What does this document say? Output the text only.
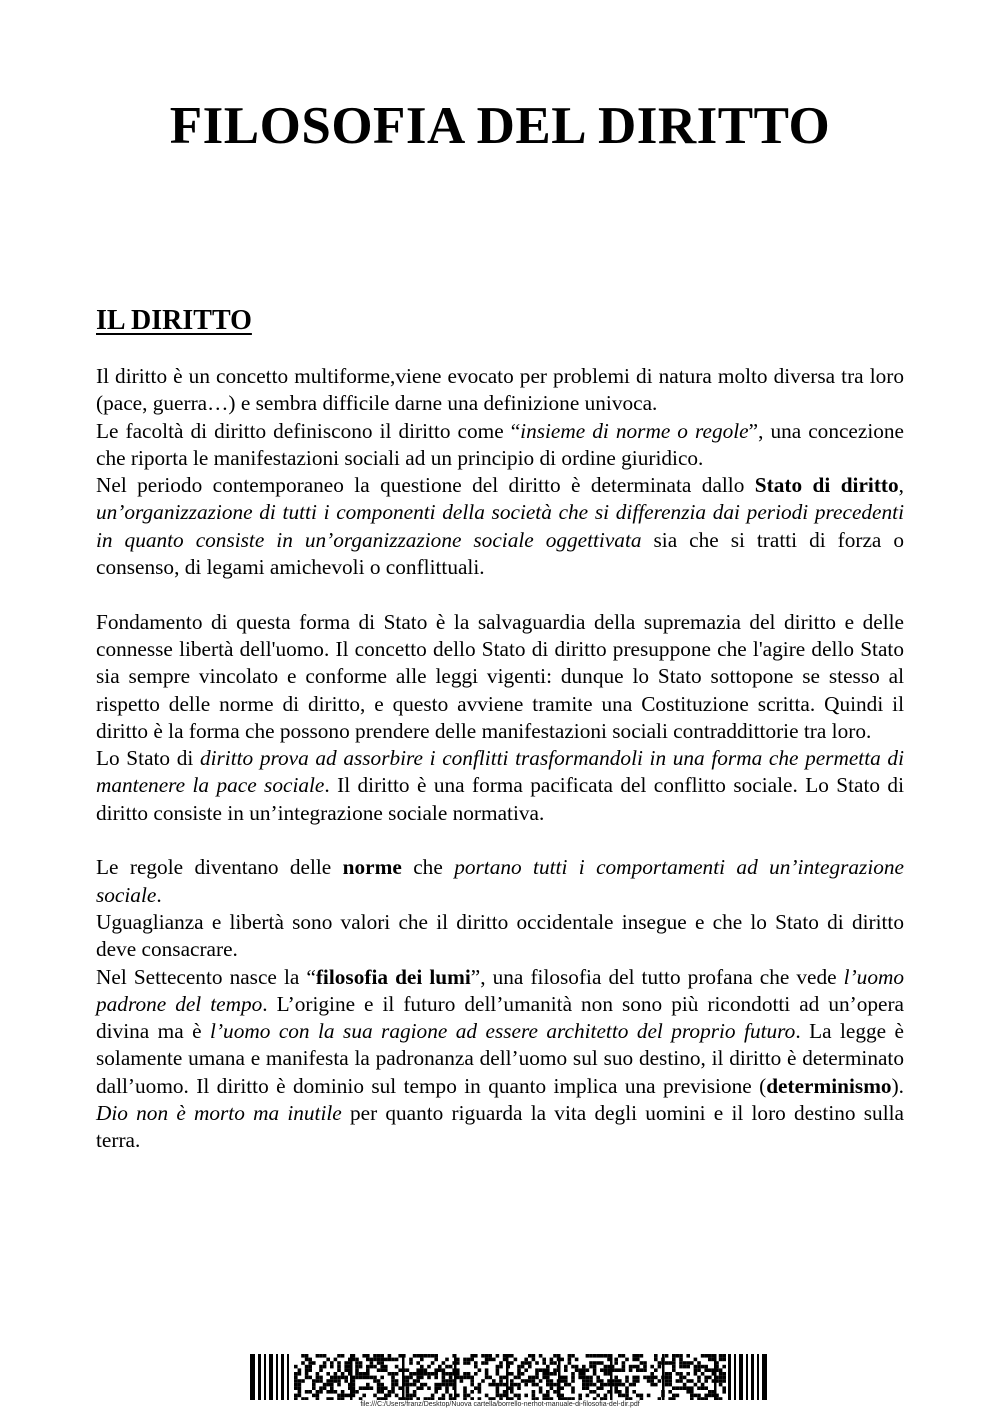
FILOSOFIA DEL DIRITTO
IL DIRITTO

Il diritto è un concetto multiforme,viene evocato per problemi di natura molto diversa tra loro (pace, guerra…) e sembra difficile darne una definizione univoca.

Le facoltà di diritto definiscono il diritto come “insieme di norme o regole”, una concezione che riporta le manifestazioni sociali ad un principio di ordine giuridico.

Nel periodo contemporaneo la questione del diritto è determinata dallo Stato di diritto, un’organizzazione di tutti i componenti della società che si differenzia dai periodi precedenti in quanto consiste in un’organizzazione sociale oggettivata sia che si tratti di forza o consenso, di legami amichevoli o conflittuali.

Fondamento di questa forma di Stato è la salvaguardia della supremazia del diritto e delle connesse libertà dell'uomo. Il concetto dello Stato di diritto presuppone che l'agire dello Stato sia sempre vincolato e conforme alle leggi vigenti: dunque lo Stato sottopone se stesso al rispetto delle norme di diritto, e questo avviene tramite una Costituzione scritta. Quindi il diritto è la forma che possono prendere delle manifestazioni sociali contraddittorie tra loro.

Lo Stato di diritto prova ad assorbire i conflitti trasformandoli in una forma che permetta di mantenere la pace sociale. Il diritto è una forma pacificata del conflitto sociale. Lo Stato di diritto consiste in un’integrazione sociale normativa.

Le regole diventano delle norme che portano tutti i comportamenti ad un’integrazione sociale.

Uguaglianza e libertà sono valori che il diritto occidentale insegue e che lo Stato di diritto deve consacrare.

Nel Settecento nasce la “filosofia dei lumi”, una filosofia del tutto profana che vede l’uomo padrone del tempo. L’origine e il futuro dell’umanità non sono più ricondotti ad un’opera divina ma è l’uomo con la sua ragione ad essere architetto del proprio futuro. La legge è solamente umana e manifesta la padronanza dell’uomo sul suo destino, il diritto è determinato dall’uomo. Il diritto è dominio sul tempo in quanto implica una previsione (determinismo). Dio non è morto ma inutile per quanto riguarda la vita degli uomini e il loro destino sulla terra.

file:///C:/Users/franz/Desktop/Nuova cartella/borrello-nerhot-manuale-di-filosofia-del-dir.pdf
